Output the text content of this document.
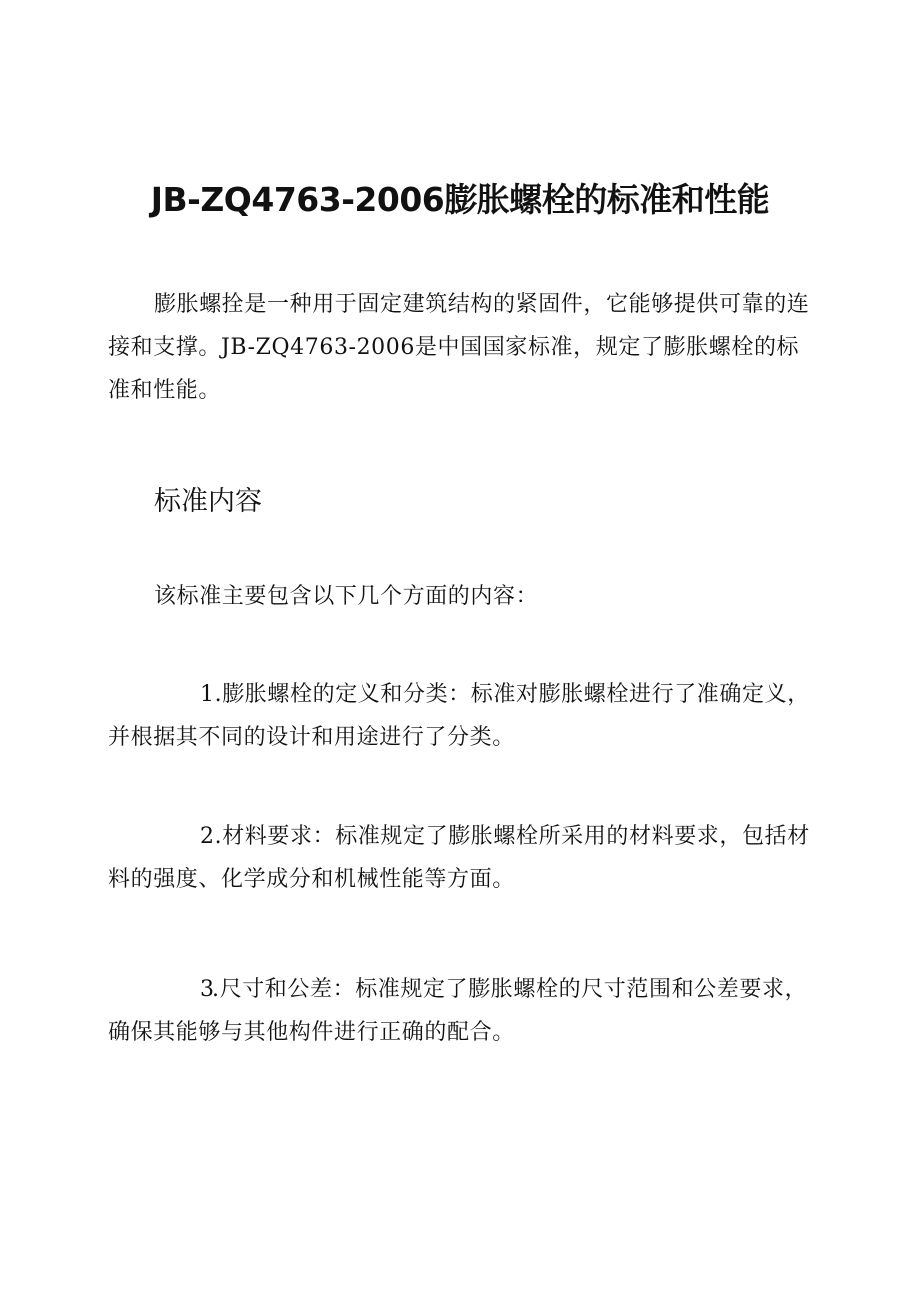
JB-ZQ4763-2006膨胀螺栓的标准和性能

膨胀螺拴是一种用于固定建筑结构的紧固件，它能够提供可靠的连接和支撑。JB-ZQ4763-2006是中国国家标准，规定了膨胀螺栓的标准和性能。

标准内容

该标准主要包含以下几个方面的内容：

1.膨胀螺栓的定义和分类：标准对膨胀螺栓进行了准确定义，并根据其不同的设计和用途进行了分类。

2.材料要求：标准规定了膨胀螺栓所采用的材料要求，包括材料的强度、化学成分和机械性能等方面。

3.尺寸和公差：标准规定了膨胀螺栓的尺寸范围和公差要求，确保其能够与其他构件进行正确的配合。
